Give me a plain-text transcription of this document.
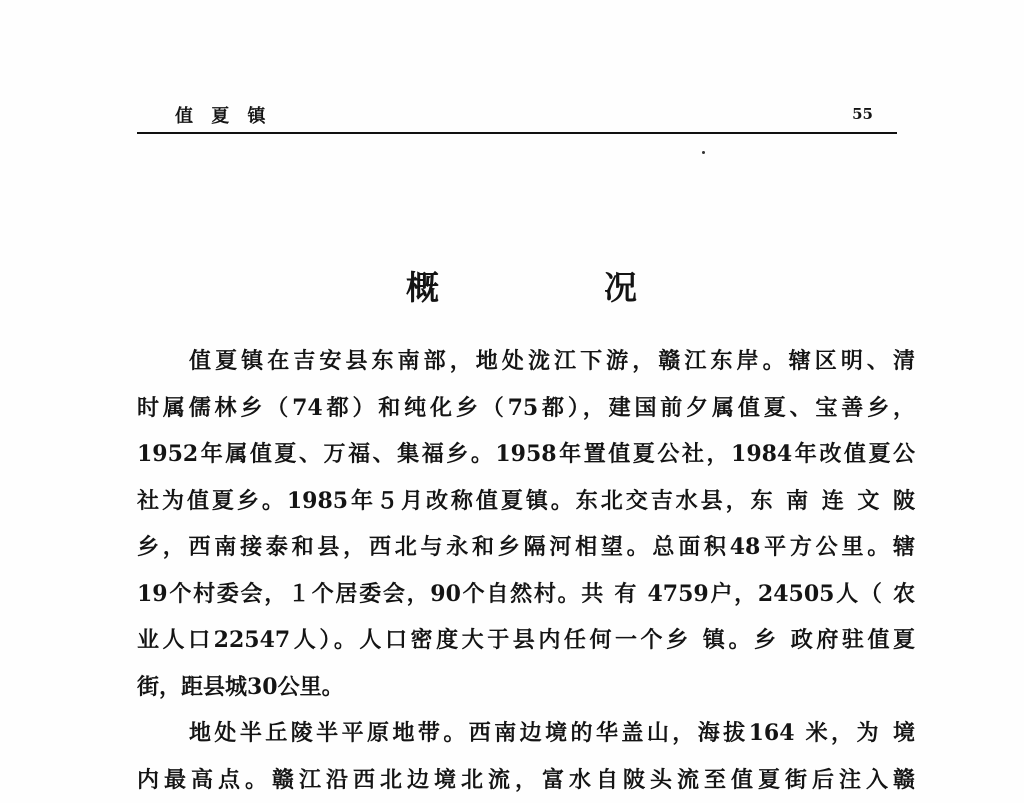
值 夏 镇	55
概	况
值夏镇在吉安县东南部，地处泷江下游，赣江东岸。辖区明、清
时属儒林乡（74都）和纯化乡（75都），建国前夕属值夏、宝善乡，
1952年属值夏、万福、集福乡。1958年置值夏公社，1984年改值夏公
社为值夏乡。1985年５月改称值夏镇。东北交吉水县，东 南 连 文 陂
乡，西南接泰和县，西北与永和乡隔河相望。总面积48平方公里。辖
19个村委会，１个居委会，90个自然村。共 有 4759户，24505人（ 农
业人口22547人）。人口密度大于县内任何一个乡 镇。乡 政府驻值夏
街，距县城30公里。
地处半丘陵半平原地带。西南边境的华盖山，海拔164 米，为 境
内最高点。赣江沿西北边境北流，富水自陂头流至值夏街后注入赣
